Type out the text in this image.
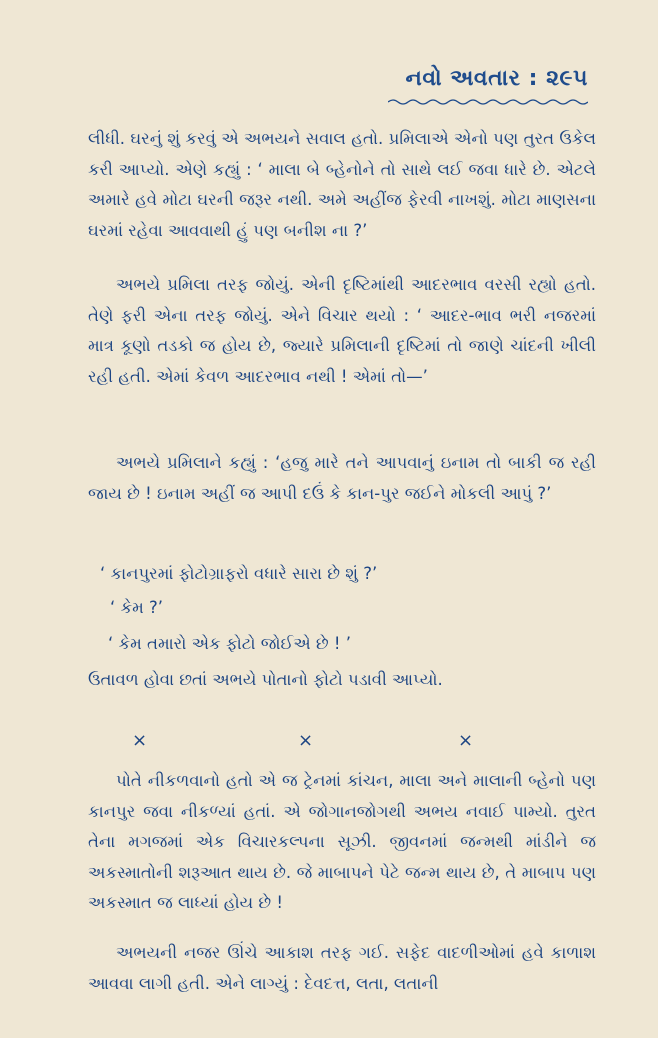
નવો અવતાર : ૨૯૫
લીધી. ઘરનું શું કરવું એ અભયને સવાલ હતો. પ્રમિલાએ એનો પણ તુરત ઉકેલ કરી આપ્યો. એણે કહ્યું : ‘ માલા બે બ્હેનોને તો સાથે લઈ જવા ધારે છે. એટલે અમારે હવે મોટા ઘરની જરૂર નથી. અમે અહીંજ ફેરવી નાખશું. મોટા માણસના ઘરમાં રહેવા આવવાથી હું પણ બનીશ ના ?’
અભયે પ્રમિલા તરફ જોયું. એની દૃષ્ટિમાંથી આદરભાવ વરસી રહ્યો હતો. તેણે ફરી એના તરફ જોયું. એને વિચાર થયો : ‘ આદર-ભાવ ભરી નજરમાં માત્ર કૂણો તડકો જ હોય છે, જ્યારે પ્રમિલાની દૃષ્ટિમાં તો જાણે ચાંદની ખીલી રહી હતી. એમાં કેવળ આદરભાવ નથી ! એમાં તો—’
અભયે પ્રમિલાને કહ્યું : ‘હજુ મારે તને આપવાનું ઇનામ તો બાકી જ રહી જાય છે ! ઇનામ અહીં જ આપી દઉં કે કાન-પુર જઈને મોકલી આપું ?’
‘ કાનપુરમાં ફોટોગ્રાફરો વધારે સારા છે શું ?’
‘ કેમ ?’
‘ કેમ તમારો એક ફોટો જોઈએ છે ! ’
ઉતાવળ હોવા છતાં અભયે પોતાનો ફોટો પડાવી આપ્યો.
×	×	×
પોતે નીકળવાનો હતો એ જ ટ્રેનમાં કાંચન, માલા અને માલાની બ્હેનો પણ કાનપુર જવા નીકળ્યાં હતાં. એ જોગાનજોગથી અભય નવાઈ પામ્યો. તુરત તેના મગજમાં એક વિચારકલ્પના સૂઝી. જીવનમાં જન્મથી માંડીને જ અકસ્માતોની શરૂઆત થાય છે. જે માબાપને પેટે જન્મ થાય છે, તે માબાપ પણ અકસ્માત જ લાધ્યાં હોય છે !
અભયની નજર ઊંચે આકાશ તરફ ગઈ. સફેદ વાદળીઓમાં હવે કાળાશ આવવા લાગી હતી. એને લાગ્યું : દેવદત્ત, લતા, લતાની
